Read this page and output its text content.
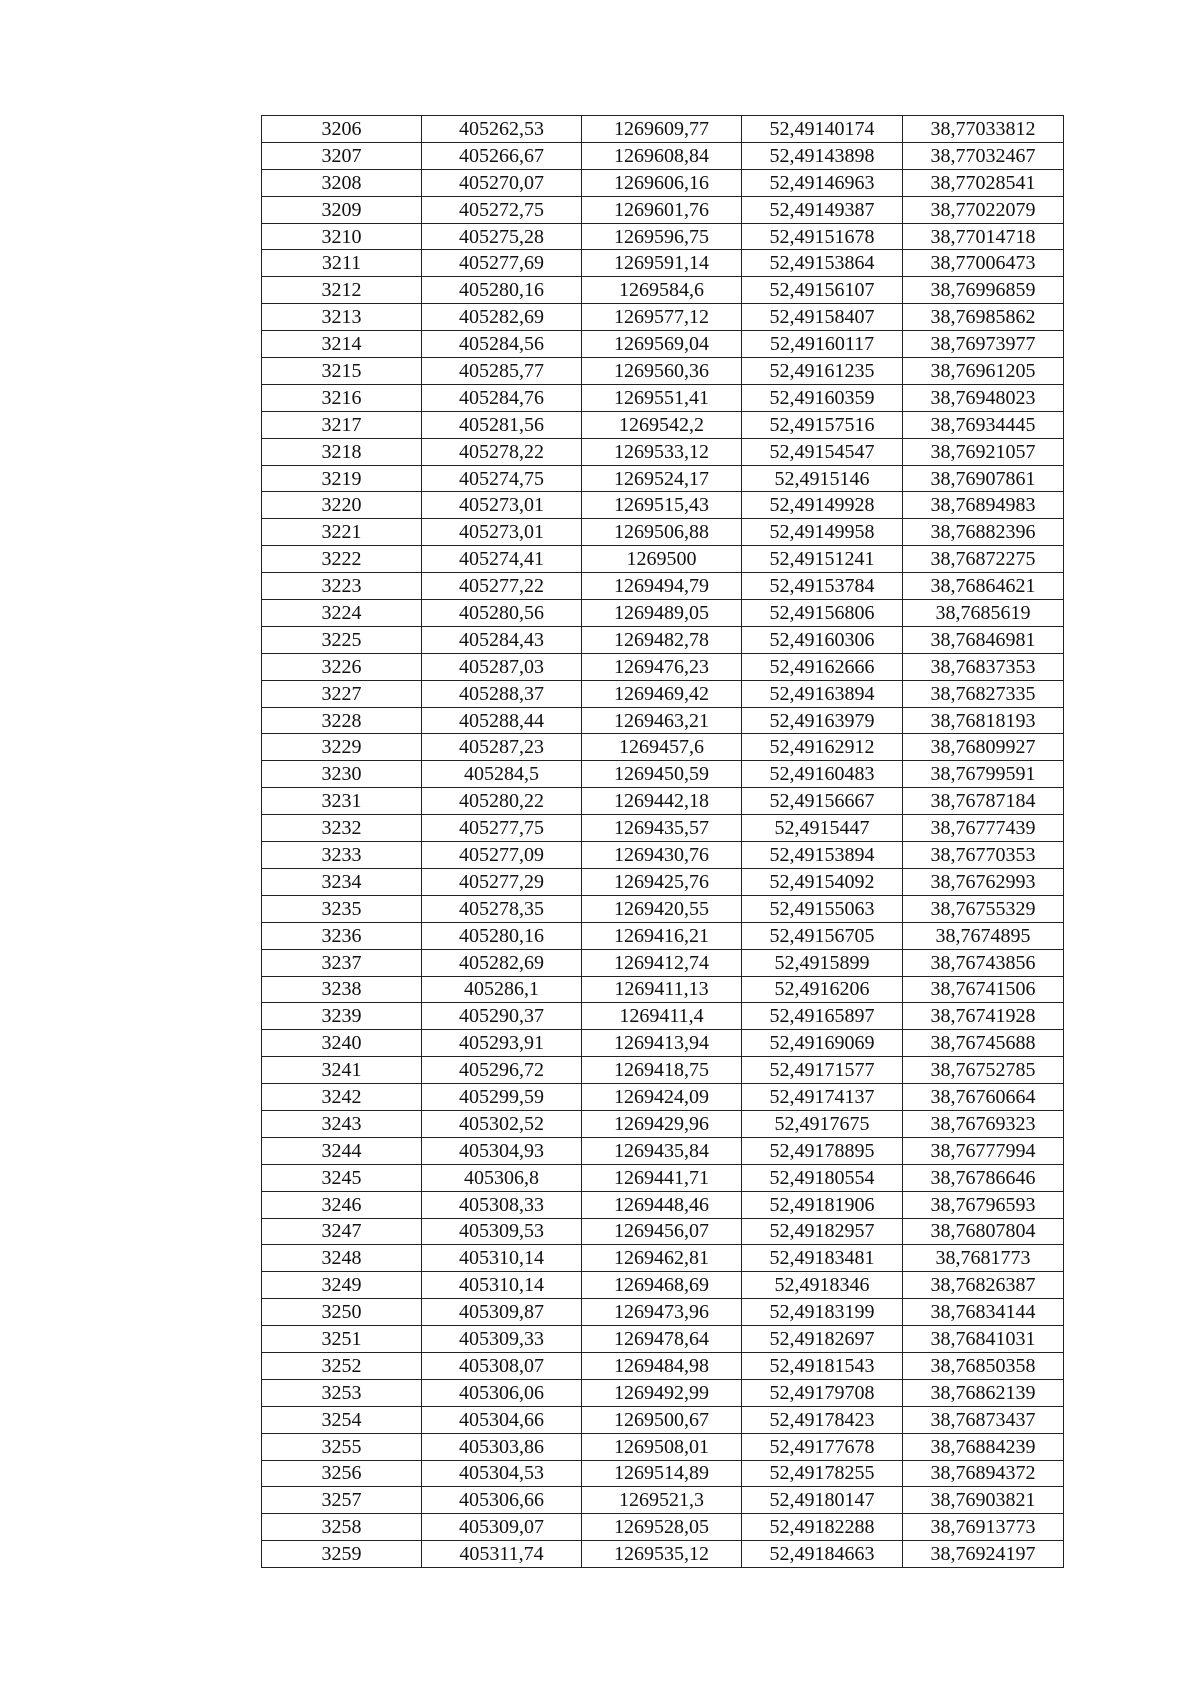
3206	405262,53	1269609,77	52,49140174	38,77033812
3207	405266,67	1269608,84	52,49143898	38,77032467
3208	405270,07	1269606,16	52,49146963	38,77028541
3209	405272,75	1269601,76	52,49149387	38,77022079
3210	405275,28	1269596,75	52,49151678	38,77014718
3211	405277,69	1269591,14	52,49153864	38,77006473
3212	405280,16	1269584,6	52,49156107	38,76996859
3213	405282,69	1269577,12	52,49158407	38,76985862
3214	405284,56	1269569,04	52,49160117	38,76973977
3215	405285,77	1269560,36	52,49161235	38,76961205
3216	405284,76	1269551,41	52,49160359	38,76948023
3217	405281,56	1269542,2	52,49157516	38,76934445
3218	405278,22	1269533,12	52,49154547	38,76921057
3219	405274,75	1269524,17	52,4915146	38,76907861
3220	405273,01	1269515,43	52,49149928	38,76894983
3221	405273,01	1269506,88	52,49149958	38,76882396
3222	405274,41	1269500	52,49151241	38,76872275
3223	405277,22	1269494,79	52,49153784	38,76864621
3224	405280,56	1269489,05	52,49156806	38,7685619
3225	405284,43	1269482,78	52,49160306	38,76846981
3226	405287,03	1269476,23	52,49162666	38,76837353
3227	405288,37	1269469,42	52,49163894	38,76827335
3228	405288,44	1269463,21	52,49163979	38,76818193
3229	405287,23	1269457,6	52,49162912	38,76809927
3230	405284,5	1269450,59	52,49160483	38,76799591
3231	405280,22	1269442,18	52,49156667	38,76787184
3232	405277,75	1269435,57	52,4915447	38,76777439
3233	405277,09	1269430,76	52,49153894	38,76770353
3234	405277,29	1269425,76	52,49154092	38,76762993
3235	405278,35	1269420,55	52,49155063	38,76755329
3236	405280,16	1269416,21	52,49156705	38,7674895
3237	405282,69	1269412,74	52,4915899	38,76743856
3238	405286,1	1269411,13	52,4916206	38,76741506
3239	405290,37	1269411,4	52,49165897	38,76741928
3240	405293,91	1269413,94	52,49169069	38,76745688
3241	405296,72	1269418,75	52,49171577	38,76752785
3242	405299,59	1269424,09	52,49174137	38,76760664
3243	405302,52	1269429,96	52,4917675	38,76769323
3244	405304,93	1269435,84	52,49178895	38,76777994
3245	405306,8	1269441,71	52,49180554	38,76786646
3246	405308,33	1269448,46	52,49181906	38,76796593
3247	405309,53	1269456,07	52,49182957	38,76807804
3248	405310,14	1269462,81	52,49183481	38,7681773
3249	405310,14	1269468,69	52,4918346	38,76826387
3250	405309,87	1269473,96	52,49183199	38,76834144
3251	405309,33	1269478,64	52,49182697	38,76841031
3252	405308,07	1269484,98	52,49181543	38,76850358
3253	405306,06	1269492,99	52,49179708	38,76862139
3254	405304,66	1269500,67	52,49178423	38,76873437
3255	405303,86	1269508,01	52,49177678	38,76884239
3256	405304,53	1269514,89	52,49178255	38,76894372
3257	405306,66	1269521,3	52,49180147	38,76903821
3258	405309,07	1269528,05	52,49182288	38,76913773
3259	405311,74	1269535,12	52,49184663	38,76924197
